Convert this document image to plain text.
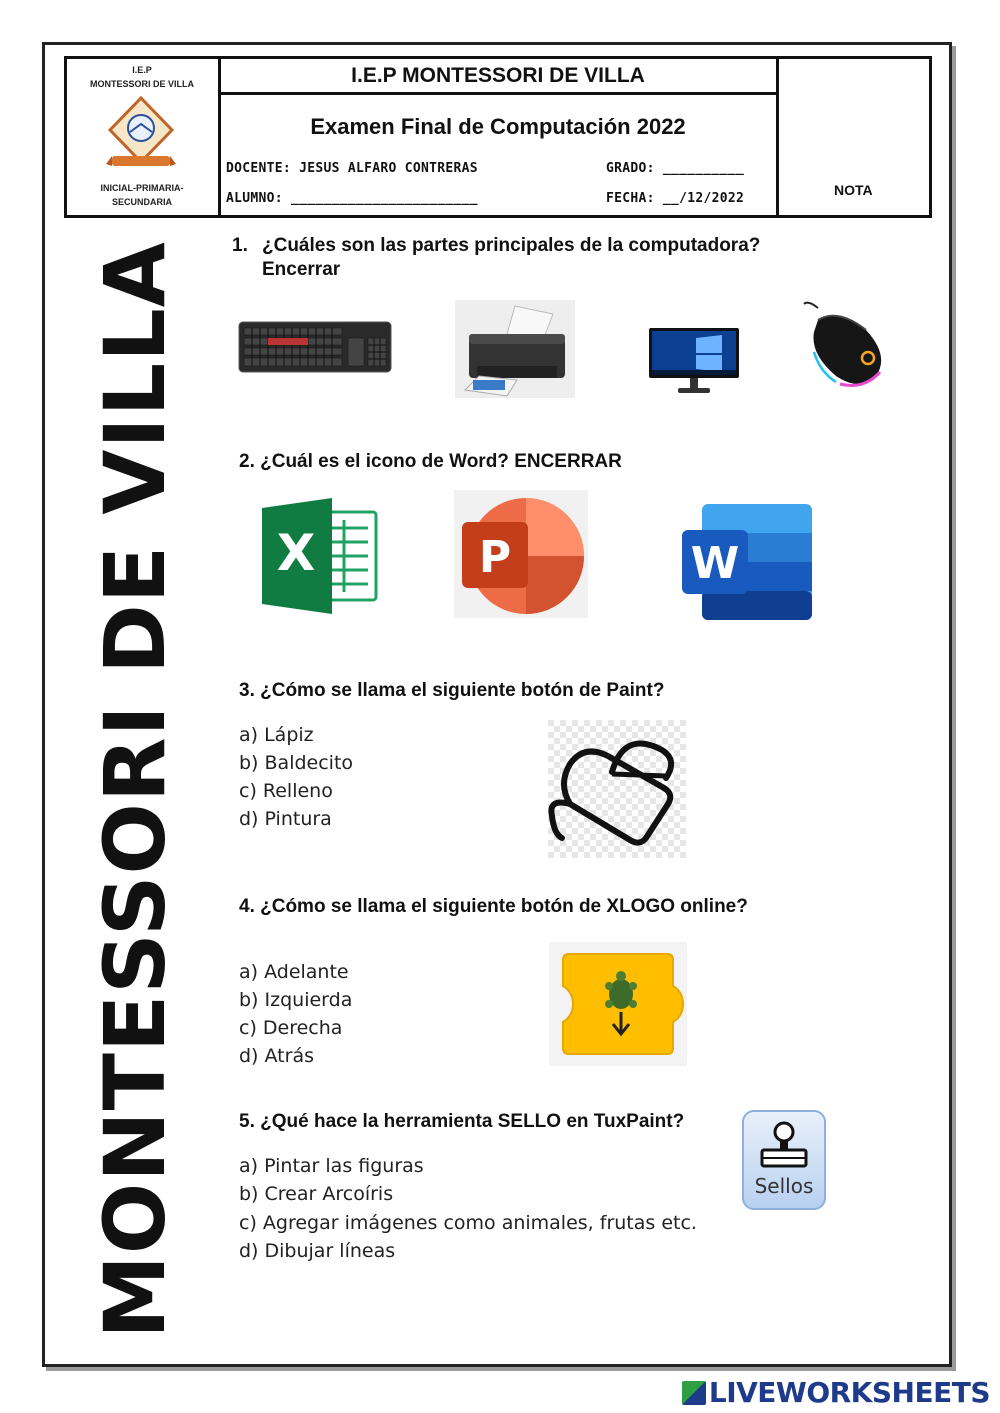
I.E.P
MONTESSORI DE VILLA
INICIAL-PRIMARIA-
SECUNDARIA
I.E.P MONTESSORI DE VILLA
Examen Final de Computación 2022
DOCENTE: JESUS ALFARO CONTRERAS	GRADO: __________
ALUMNO: _______________________	FECHA: __/12/2022
NOTA
MONTESSORI DE VILLA	1. ¿Cuáles son las partes principales de la computadora?
Encerrar
2. ¿Cuál es el icono de Word? ENCERRAR
X	P	W
3. ¿Cómo se llama el siguiente botón de Paint?
a) Lápiz
b) Baldecito
c) Relleno
d) Pintura
4. ¿Cómo se llama el siguiente botón de XLOGO online?
a) Adelante
b) Izquierda
c) Derecha
d) Atrás
5. ¿Qué hace la herramienta SELLO en TuxPaint?
a) Pintar las figuras
b) Crear Arcoíris
c) Agregar imágenes como animales, frutas etc.
d) Dibujar líneas
Sellos
LIVEWORKSHEETS
